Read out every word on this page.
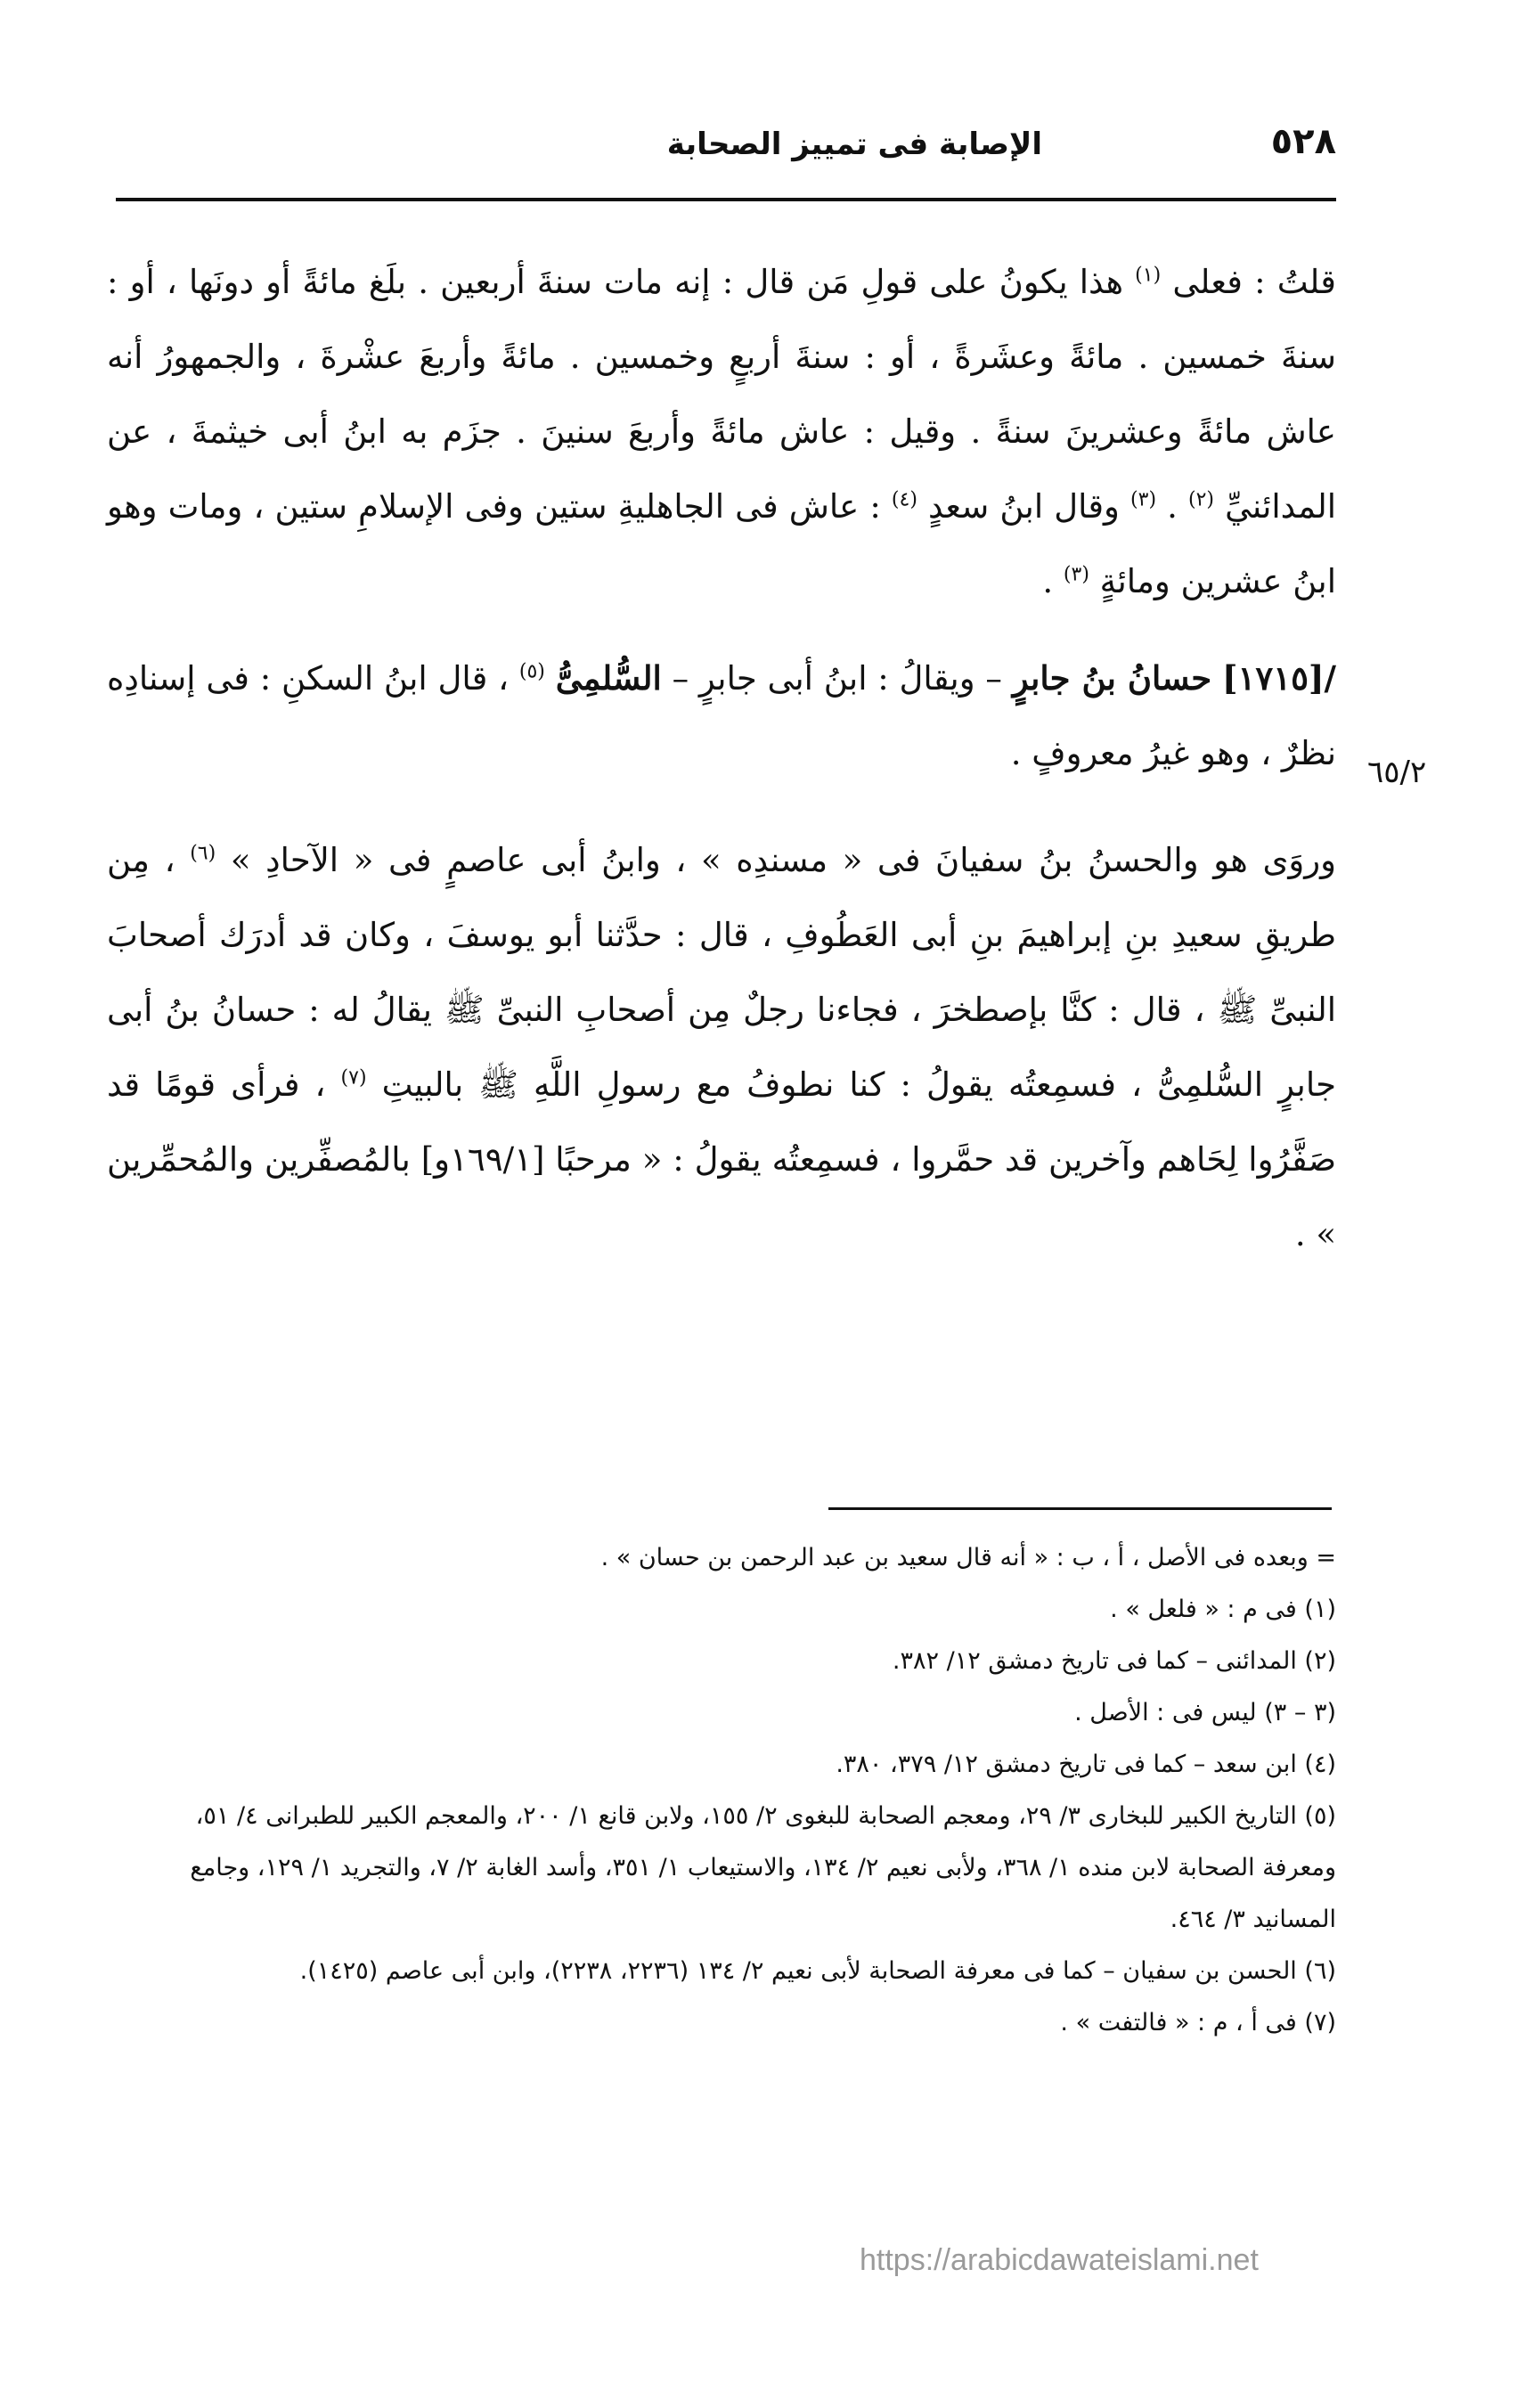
الإصابة فى تمييز الصحابة	٥٢٨
٦٥/٢

قلتُ : فعلى $^{(١)}$ هذا يكونُ على قولِ مَن قال : إنه مات سنةَ أربعين . بلَغ مائةً أو دونَها ، أو : سنةَ خمسين . مائةً وعشَرةً ، أو : سنةَ أربعٍ وخمسين . مائةً وأربعَ عشْرةَ ، والجمهورُ أنه عاش مائةً وعشرينَ سنةً . وقيل : عاش مائةً وأربعَ سنينَ . جزَم به ابنُ أبى خيثمةَ ، عن المدائنيِّ $^{(٢)}$ . $^{(٣)}$ وقال ابنُ سعدٍ $^{(٤)}$ : عاش فى الجاهليةِ ستين وفى الإسلامِ ستين ، ومات وهو ابنُ عشرين ومائةٍ $^{(٣)}$ .

/[١٧١٥] حسانُ بنُ جابرٍ – ويقالُ : ابنُ أبى جابرٍ – السُّلمِىُّ $^{(٥)}$ ، قال ابنُ السكنِ : فى إسنادِه نظرٌ ، وهو غيرُ معروفٍ .

وروَى هو والحسنُ بنُ سفيانَ فى « مسندِه » ، وابنُ أبى عاصمٍ فى « الآحادِ » $^{(٦)}$ ، مِن طريقِ سعيدِ بنِ إبراهيمَ بنِ أبى العَطُوفِ ، قال : حدَّثنا أبو يوسفَ ، وكان قد أدرَك أصحابَ النبىِّ ﷺ ، قال : كنَّا بإصطخرَ ، فجاءنا رجلٌ مِن أصحابِ النبىِّ ﷺ يقالُ له : حسانُ بنُ أبى جابرٍ السُّلمِىُّ ، فسمِعتُه يقولُ : كنا نطوفُ مع رسولِ اللَّهِ ﷺ بالبيتِ $^{(٧)}$ ، فرأى قومًا قد صَفَّرُوا لِحَاهم وآخرين قد حمَّروا ، فسمِعتُه يقولُ : « مرحبًا [١٦٩/١و] بالمُصفِّرين والمُحمِّرين » .

= وبعده فى الأصل ، أ ، ب : « أنه قال سعيد بن عبد الرحمن بن حسان » .

(١) فى م : « فلعل » .

(٢) المدائنى – كما فى تاريخ دمشق ١٢/ ٣٨٢.

(٣ – ٣) ليس فى : الأصل .

(٤) ابن سعد – كما فى تاريخ دمشق ١٢/ ٣٧٩، ٣٨٠.

(٥) التاريخ الكبير للبخارى ٣/ ٢٩، ومعجم الصحابة للبغوى ٢/ ١٥٥، ولابن قانع ١/ ٢٠٠، والمعجم الكبير للطبرانى ٤/ ٥١، ومعرفة الصحابة لابن منده ١/ ٣٦٨، ولأبى نعيم ٢/ ١٣٤، والاستيعاب ١/ ٣٥١، وأسد الغابة ٢/ ٧، والتجريد ١/ ١٢٩، وجامع المسانيد ٣/ ٤٦٤.

(٦) الحسن بن سفيان – كما فى معرفة الصحابة لأبى نعيم ٢/ ١٣٤ (٢٢٣٦، ٢٢٣٨)، وابن أبى عاصم (١٤٢٥).

(٧) فى أ ، م : « فالتفت » .

https://arabicdawateislami.net
